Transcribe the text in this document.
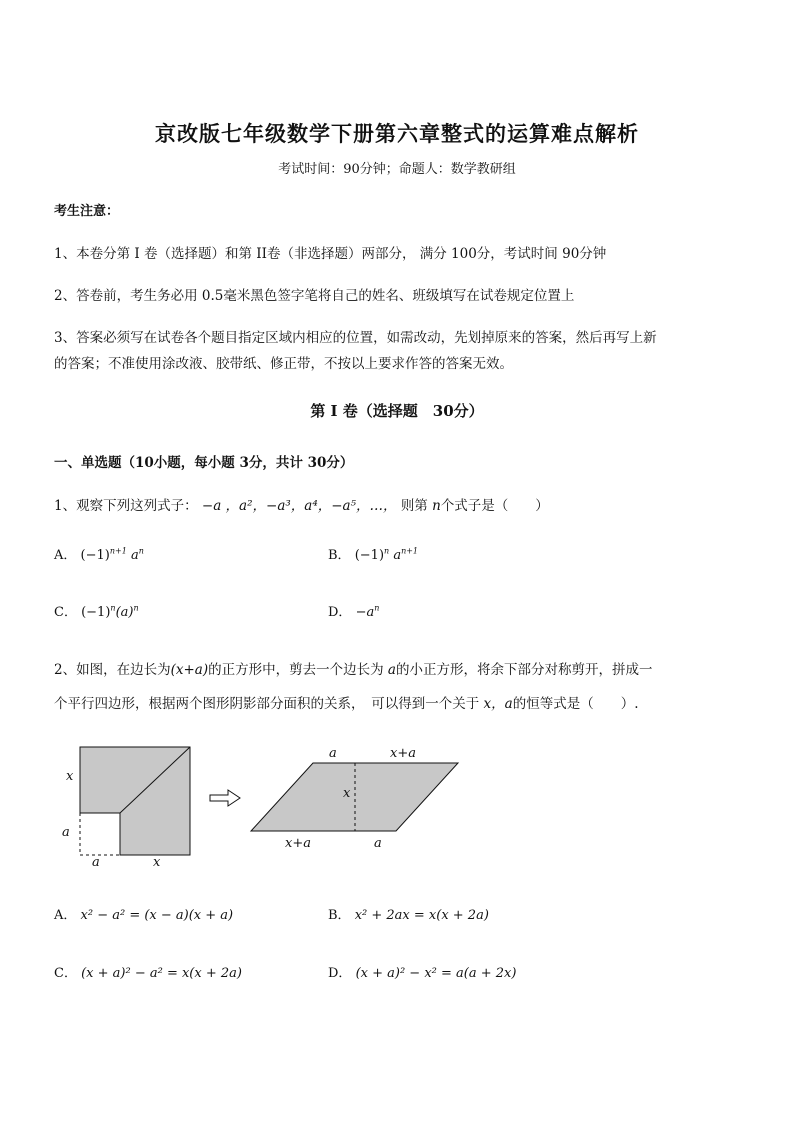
京改版七年级数学下册第六章整式的运算难点解析
考试时间：90分钟；命题人：数学教研组
考生注意：
1、本卷分第 I 卷（选择题）和第 II卷（非选择题）两部分， 满分 100分，考试时间 90分钟
2、答卷前，考生务必用 0.5毫米黑色签字笔将自己的姓名、班级填写在试卷规定位置上
3、答案必须写在试卷各个题目指定区域内相应的位置，如需改动，先划掉原来的答案，然后再写上新
的答案；不准使用涂改液、胶带纸、修正带，不按以上要求作答的答案无效。
第 I 卷（选择题　30分）
一、单选题（10小题，每小题 3分，共计 30分）
1、观察下列这列式子： −a ，a²，−a³，a⁴，−a⁵，…， 则第 n个式子是（　　）
A． $(-1)^{n+1}$ $a^n$	B． $(-1)^n$ $a^{n+1}$
C． $(-1)^n(a)^n$	D． $-a^n$
2、如图，在边长为(x+a)的正方形中，剪去一个边长为 a的小正方形，将余下部分对称剪开，拼成一
个平行四边形，根据两个图形阴影部分面积的关系，　可以得到一个关于 x，a的恒等式是（　　）.
x
a
a	x
a	x+a
x
x+a	a
A． x² − a² = (x − a)(x + a)	B． x² + 2ax = x(x + 2a)
C． (x + a)² − a² = x(x + 2a)	D． (x + a)² − x² = a(a + 2x)
